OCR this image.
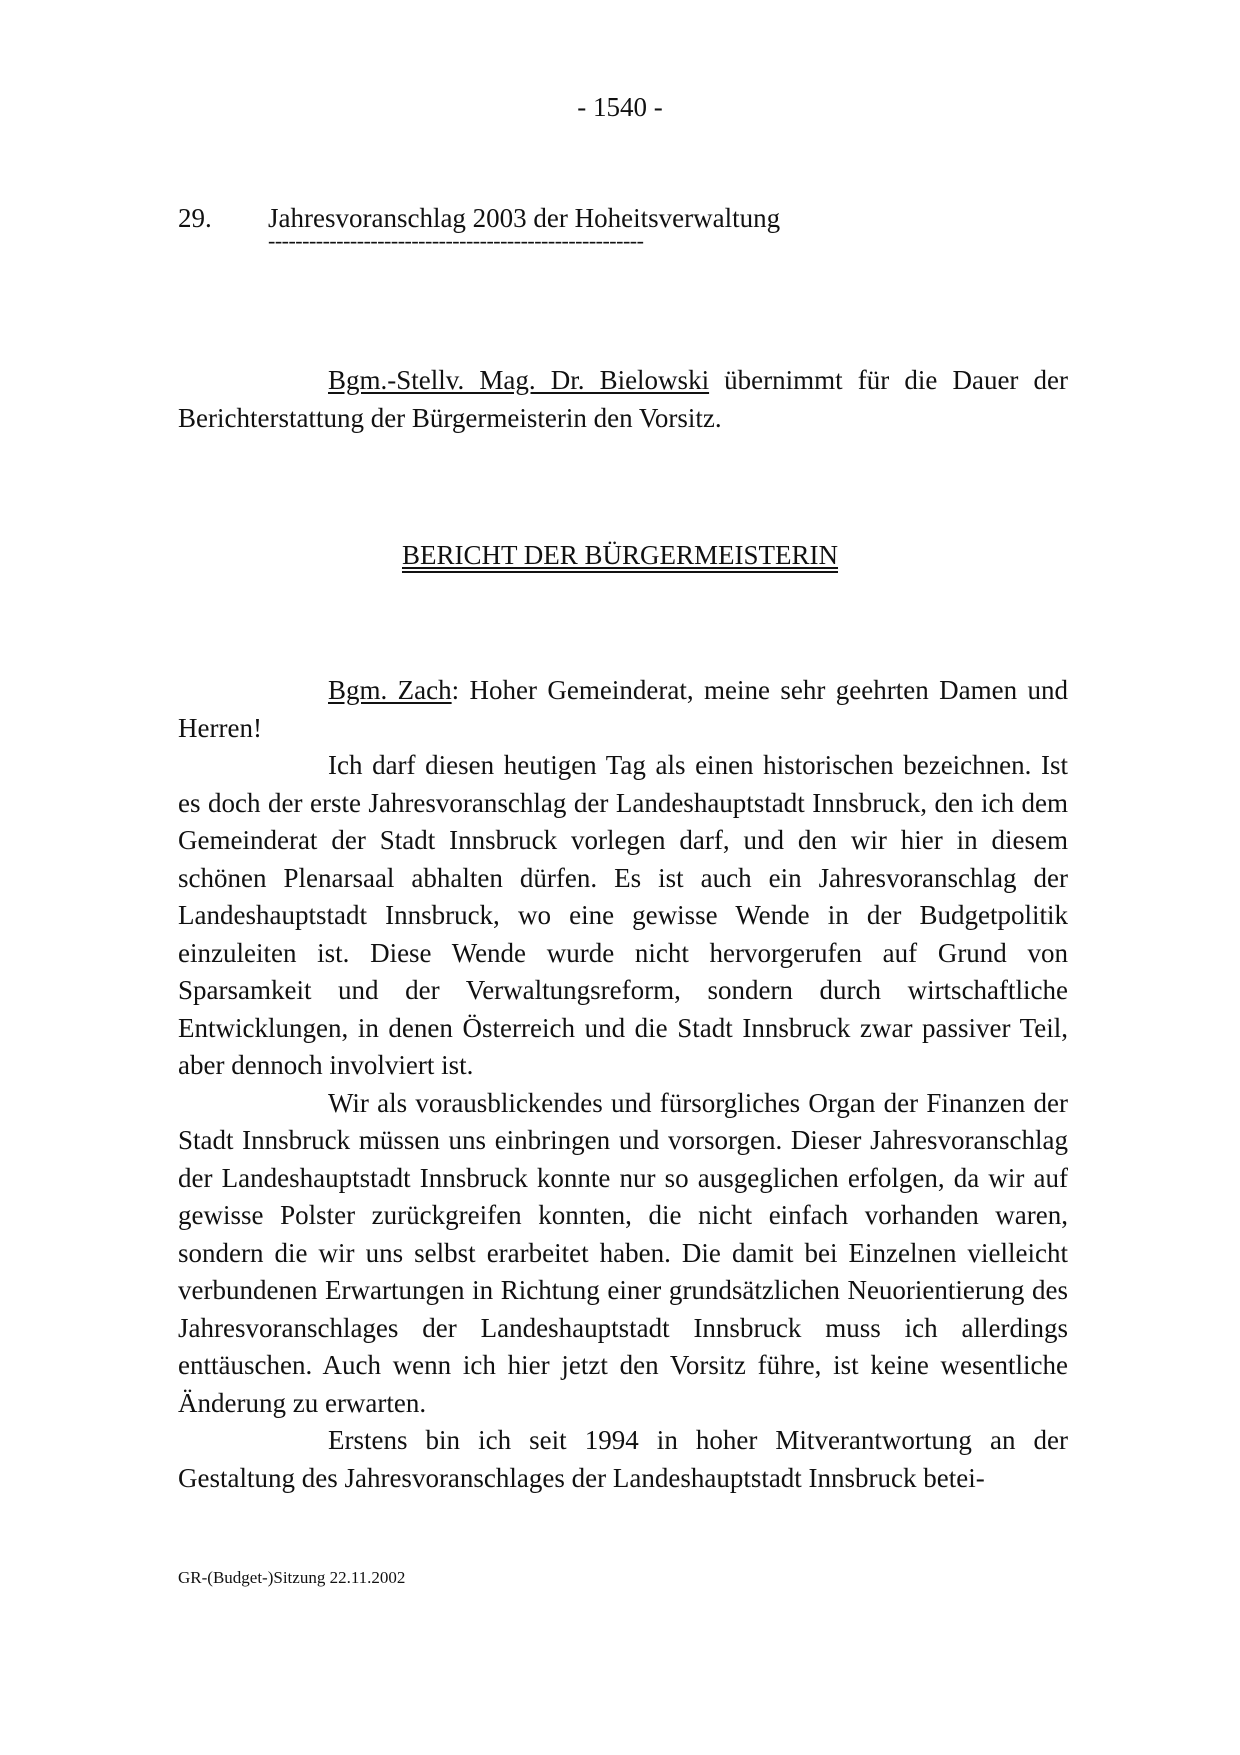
- 1540 -
29. Jahresvoranschlag 2003 der Hoheitsverwaltung
-------------------------------------------------------

Bgm.-Stellv. Mag. Dr. Bielowski übernimmt für die Dauer der Berichterstattung der Bürgermeisterin den Vorsitz.

BERICHT DER BÜRGERMEISTERIN

Bgm. Zach: Hoher Gemeinderat, meine sehr geehrten Damen und Herren!

Ich darf diesen heutigen Tag als einen historischen bezeichnen. Ist es doch der erste Jahresvoranschlag der Landeshauptstadt Innsbruck, den ich dem Gemeinderat der Stadt Innsbruck vorlegen darf, und den wir hier in diesem schönen Plenarsaal abhalten dürfen. Es ist auch ein Jahresvoranschlag der Landeshauptstadt Innsbruck, wo eine gewisse Wende in der Budgetpolitik einzuleiten ist. Diese Wende wurde nicht hervorgerufen auf Grund von Sparsamkeit und der Verwaltungsreform, sondern durch wirtschaftliche Entwicklungen, in denen Österreich und die Stadt Innsbruck zwar passiver Teil, aber dennoch involviert ist.

Wir als vorausblickendes und fürsorgliches Organ der Finanzen der Stadt Innsbruck müssen uns einbringen und vorsorgen. Dieser Jahresvoranschlag der Landeshauptstadt Innsbruck konnte nur so ausgeglichen erfolgen, da wir auf gewisse Polster zurückgreifen konnten, die nicht einfach vorhanden waren, sondern die wir uns selbst erarbeitet haben. Die damit bei Einzelnen vielleicht verbundenen Erwartungen in Richtung einer grundsätzlichen Neuorientierung des Jahresvoranschlages der Landeshauptstadt Innsbruck muss ich allerdings enttäuschen. Auch wenn ich hier jetzt den Vorsitz führe, ist keine wesentliche Änderung zu erwarten.

Erstens bin ich seit 1994 in hoher Mitverantwortung an der Gestaltung des Jahresvoranschlages der Landeshauptstadt Innsbruck betei-

GR-(Budget-)Sitzung 22.11.2002
